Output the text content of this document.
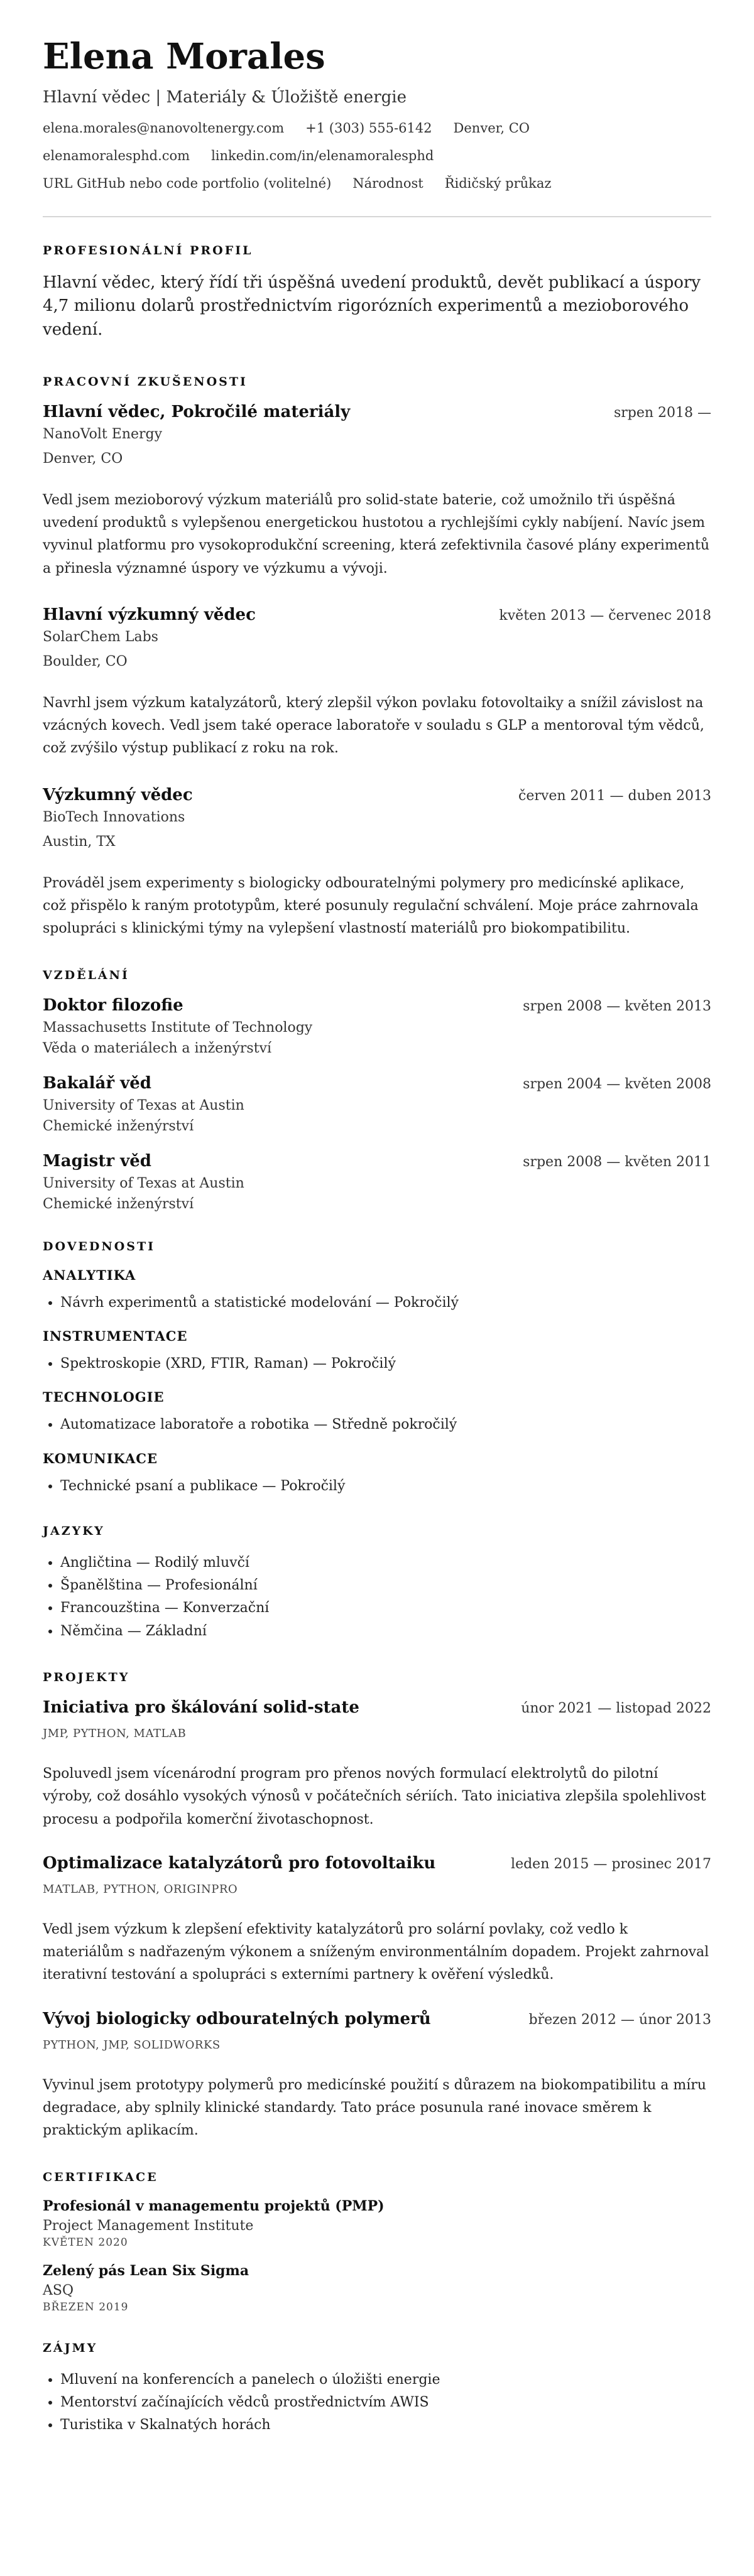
Elena Morales
Hlavní vědec | Materiály & Úložiště energie
elena.morales@nanovoltenergy.com +1 (303) 555-6142 Denver, CO
elenamoralesphd.com linkedin.com/in/elenamoralesphd
URL GitHub nebo code portfolio (volitelné) Národnost Řidičský průkaz
PROFESIONÁLNÍ PROFIL
Hlavní vědec, který řídí tři úspěšná uvedení produktů, devět publikací a úspory 4,7 milionu dolarů prostřednictvím rigorózních experimentů a mezioborového vedení.
PRACOVNÍ ZKUŠENOSTI
Hlavní vědec, Pokročilé materiály	srpen 2018 —
NanoVolt Energy
Denver, CO
Vedl jsem mezioborový výzkum materiálů pro solid-state baterie, což umožnilo tři úspěšná uvedení produktů s vylepšenou energetickou hustotou a rychlejšími cykly nabíjení. Navíc jsem vyvinul platformu pro vysokoprodukční screening, která zefektivnila časové plány experimentů a přinesla významné úspory ve výzkumu a vývoji.
Hlavní výzkumný vědec	květen 2013 — červenec 2018
SolarChem Labs
Boulder, CO
Navrhl jsem výzkum katalyzátorů, který zlepšil výkon povlaku fotovoltaiky a snížil závislost na vzácných kovech. Vedl jsem také operace laboratoře v souladu s GLP a mentoroval tým vědců, což zvýšilo výstup publikací z roku na rok.
Výzkumný vědec	červen 2011 — duben 2013
BioTech Innovations
Austin, TX
Prováděl jsem experimenty s biologicky odbouratelnými polymery pro medicínské aplikace, což přispělo k raným prototypům, které posunuly regulační schválení. Moje práce zahrnovala spolupráci s klinickými týmy na vylepšení vlastností materiálů pro biokompatibilitu.
VZDĚLÁNÍ
Doktor filozofie	srpen 2008 — květen 2013
Massachusetts Institute of Technology
Věda o materiálech a inženýrství
Bakalář věd	srpen 2004 — květen 2008
University of Texas at Austin
Chemické inženýrství
Magistr věd	srpen 2008 — květen 2011
University of Texas at Austin
Chemické inženýrství
DOVEDNOSTI
ANALYTIKA
• Návrh experimentů a statistické modelování — Pokročilý
INSTRUMENTACE
• Spektroskopie (XRD, FTIR, Raman) — Pokročilý
TECHNOLOGIE
• Automatizace laboratoře a robotika — Středně pokročilý
KOMUNIKACE
• Technické psaní a publikace — Pokročilý
JAZYKY
• Angličtina — Rodilý mluvčí
• Španělština — Profesionální
• Francouzština — Konverzační
• Němčina — Základní
PROJEKTY
Iniciativa pro škálování solid-state	únor 2021 — listopad 2022
JMP, PYTHON, MATLAB
Spoluvedl jsem vícenárodní program pro přenos nových formulací elektrolytů do pilotní výroby, což dosáhlo vysokých výnosů v počátečních sériích. Tato iniciativa zlepšila spolehlivost procesu a podpořila komerční životaschopnost.
Optimalizace katalyzátorů pro fotovoltaiku	leden 2015 — prosinec 2017
MATLAB, PYTHON, ORIGINPRO
Vedl jsem výzkum k zlepšení efektivity katalyzátorů pro solární povlaky, což vedlo k materiálům s nadřazeným výkonem a sníženým environmentálním dopadem. Projekt zahrnoval iterativní testování a spolupráci s externími partnery k ověření výsledků.
Vývoj biologicky odbouratelných polymerů	březen 2012 — únor 2013
PYTHON, JMP, SOLIDWORKS
Vyvinul jsem prototypy polymerů pro medicínské použití s důrazem na biokompatibilitu a míru degradace, aby splnily klinické standardy. Tato práce posunula rané inovace směrem k praktickým aplikacím.
CERTIFIKACE
Profesionál v managementu projektů (PMP)
Project Management Institute
KVĚTEN 2020
Zelený pás Lean Six Sigma
ASQ
BŘEZEN 2019
ZÁJMY
• Mluvení na konferencích a panelech o úložišti energie
• Mentorství začínajících vědců prostřednictvím AWIS
• Turistika v Skalnatých horách
